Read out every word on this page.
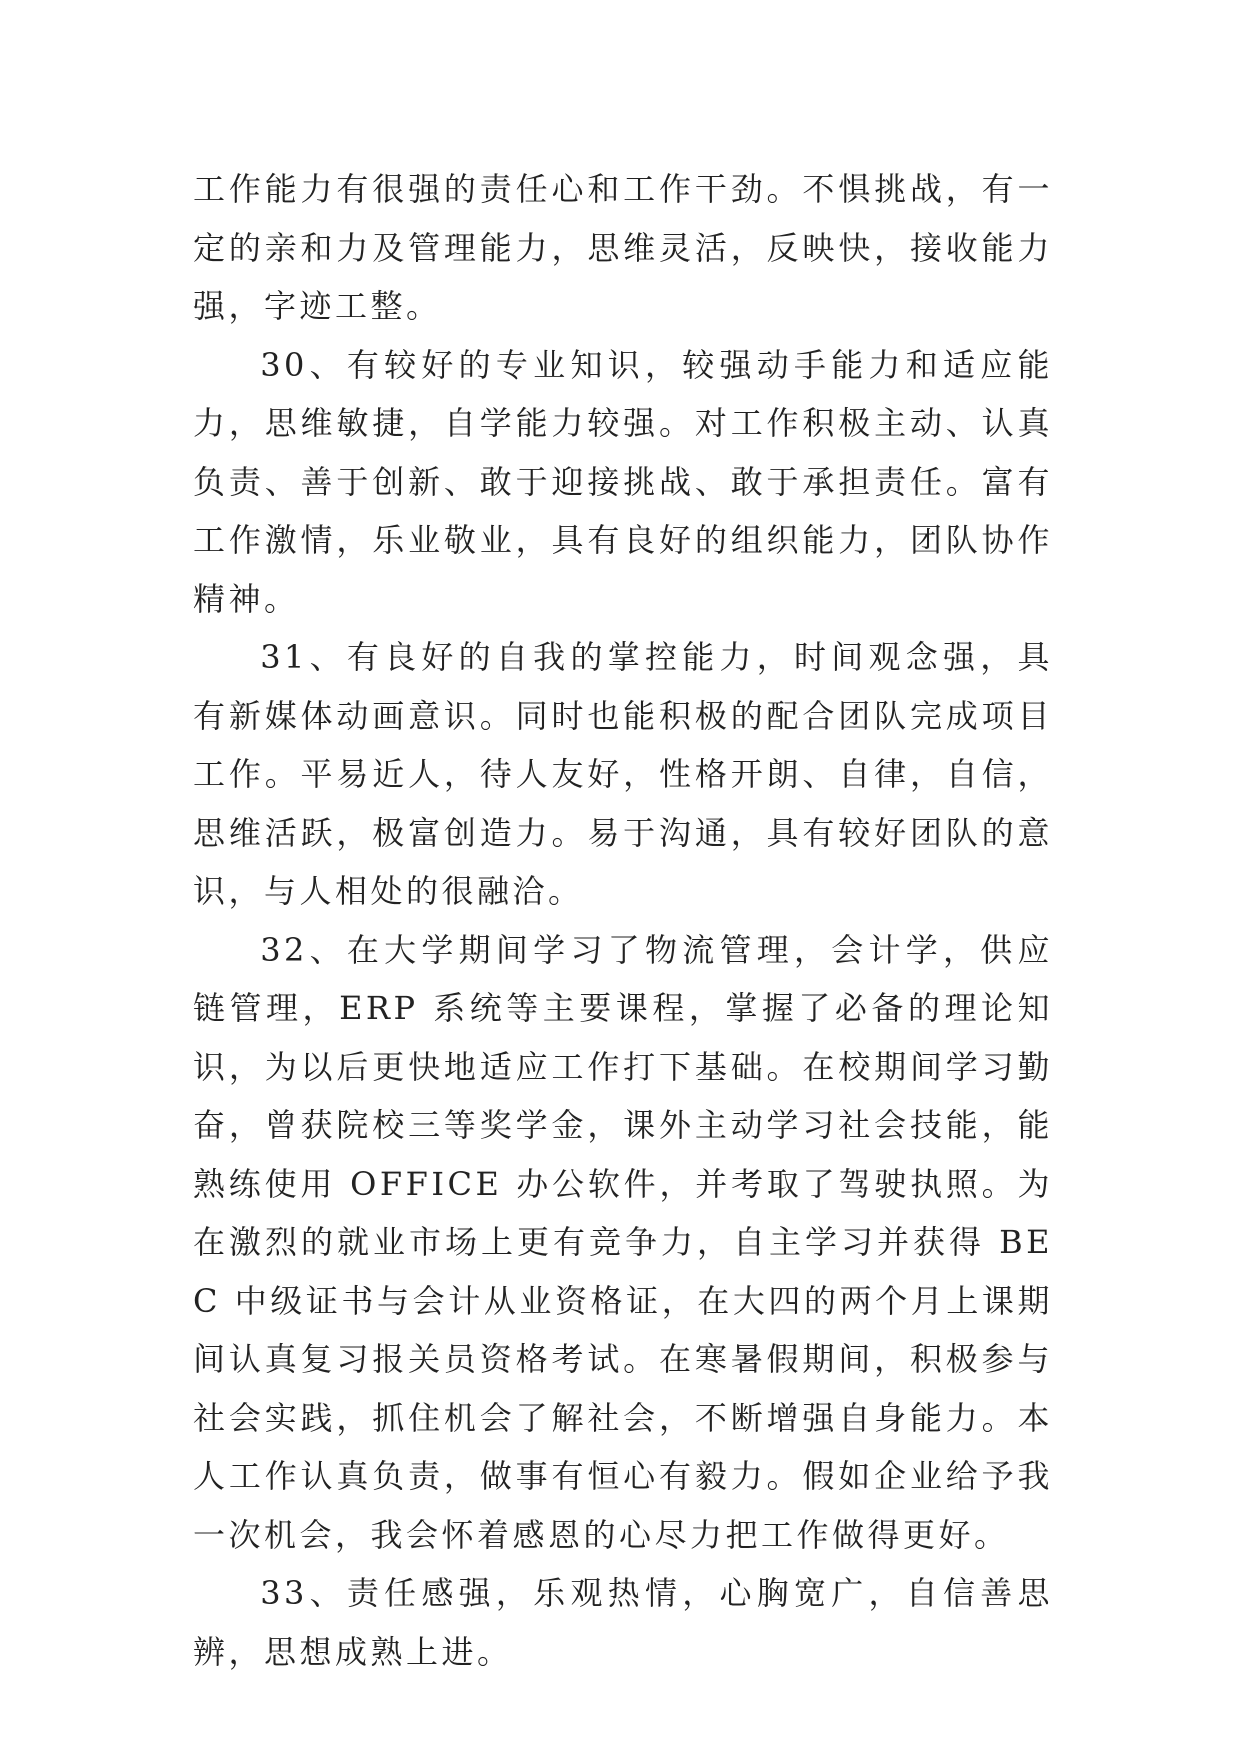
工作能力有很强的责任心和工作干劲。不惧挑战，有一定的亲和力及管理能力，思维灵活，反映快，接收能力强，字迹工整。

30、有较好的专业知识，较强动手能力和适应能力，思维敏捷，自学能力较强。对工作积极主动、认真负责、善于创新、敢于迎接挑战、敢于承担责任。富有工作激情，乐业敬业，具有良好的组织能力，团队协作精神。

31、有良好的自我的掌控能力，时间观念强，具有新媒体动画意识。同时也能积极的配合团队完成项目工作。平易近人，待人友好，性格开朗、自律，自信，思维活跃，极富创造力。易于沟通，具有较好团队的意识，与人相处的很融洽。

32、在大学期间学习了物流管理，会计学，供应链管理，ERP 系统等主要课程，掌握了必备的理论知识，为以后更快地适应工作打下基础。在校期间学习勤奋，曾获院校三等奖学金，课外主动学习社会技能，能熟练使用 OFFICE 办公软件，并考取了驾驶执照。为在激烈的就业市场上更有竞争力，自主学习并获得 BEC 中级证书与会计从业资格证，在大四的两个月上课期间认真复习报关员资格考试。在寒暑假期间，积极参与社会实践，抓住机会了解社会，不断增强自身能力。本人工作认真负责，做事有恒心有毅力。假如企业给予我一次机会，我会怀着感恩的心尽力把工作做得更好。

33、责任感强，乐观热情，心胸宽广，自信善思辨，思想成熟上进。
